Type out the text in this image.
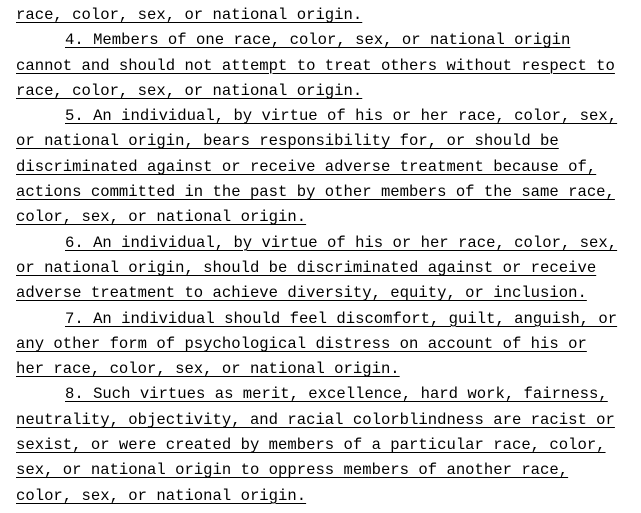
race, color, sex, or national origin.
4. Members of one race, color, sex, or national origin
cannot and should not attempt to treat others without respect to
race, color, sex, or national origin.
5. An individual, by virtue of his or her race, color, sex,
or national origin, bears responsibility for, or should be
discriminated against or receive adverse treatment because of,
actions committed in the past by other members of the same race,
color, sex, or national origin.
6. An individual, by virtue of his or her race, color, sex,
or national origin, should be discriminated against or receive
adverse treatment to achieve diversity, equity, or inclusion.
7. An individual should feel discomfort, guilt, anguish, or
any other form of psychological distress on account of his or
her race, color, sex, or national origin.
8. Such virtues as merit, excellence, hard work, fairness,
neutrality, objectivity, and racial colorblindness are racist or
sexist, or were created by members of a particular race, color,
sex, or national origin to oppress members of another race,
color, sex, or national origin.
